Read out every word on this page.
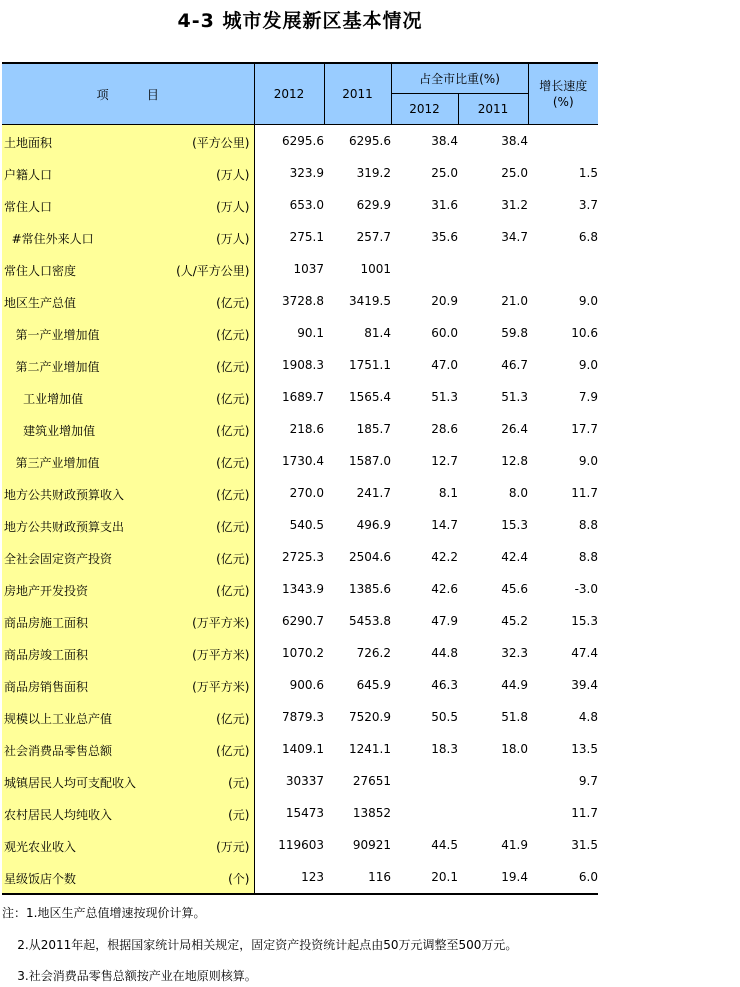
4-3 城市发展新区基本情况
项          目	2012	2011	占全市比重(%)		增长速度
(%)
			2012	2011	

土地面积 (平方公里)	6295.6	6295.6	38.4	38.4	

户籍人口 (万人)	323.9	319.2	25.0	25.0	1.5

常住人口 (万人)	653.0	629.9	31.6	31.2	3.7

#常住外来人口 (万人)	275.1	257.7	35.6	34.7	6.8

常住人口密度 (人/平方公里)	1037	1001			

地区生产总值 (亿元)	3728.8	3419.5	20.9	21.0	9.0

第一产业增加值 (亿元)	90.1	81.4	60.0	59.8	10.6

第二产业增加值 (亿元)	1908.3	1751.1	47.0	46.7	9.0

工业增加值 (亿元)	1689.7	1565.4	51.3	51.3	7.9

建筑业增加值 (亿元)	218.6	185.7	28.6	26.4	17.7

第三产业增加值 (亿元)	1730.4	1587.0	12.7	12.8	9.0

地方公共财政预算收入 (亿元)	270.0	241.7	8.1	8.0	11.7

地方公共财政预算支出 (亿元)	540.5	496.9	14.7	15.3	8.8

全社会固定资产投资 (亿元)	2725.3	2504.6	42.2	42.4	8.8

房地产开发投资 (亿元)	1343.9	1385.6	42.6	45.6	-3.0

商品房施工面积 (万平方米)	6290.7	5453.8	47.9	45.2	15.3

商品房竣工面积 (万平方米)	1070.2	726.2	44.8	32.3	47.4

商品房销售面积 (万平方米)	900.6	645.9	46.3	44.9	39.4

规模以上工业总产值 (亿元)	7879.3	7520.9	50.5	51.8	4.8

社会消费品零售总额 (亿元)	1409.1	1241.1	18.3	18.0	13.5

城镇居民人均可支配收入 (元)	30337	27651			9.7

农村居民人均纯收入 (元)	15473	13852			11.7

观光农业收入 (万元)	119603	90921	44.5	41.9	31.5

星级饭店个数 (个)	123	116	20.1	19.4	6.0
注：1.地区生产总值增速按现价计算。
2.从2011年起，根据国家统计局相关规定，固定资产投资统计起点由50万元调整至500万元。
3.社会消费品零售总额按产业在地原则核算。
